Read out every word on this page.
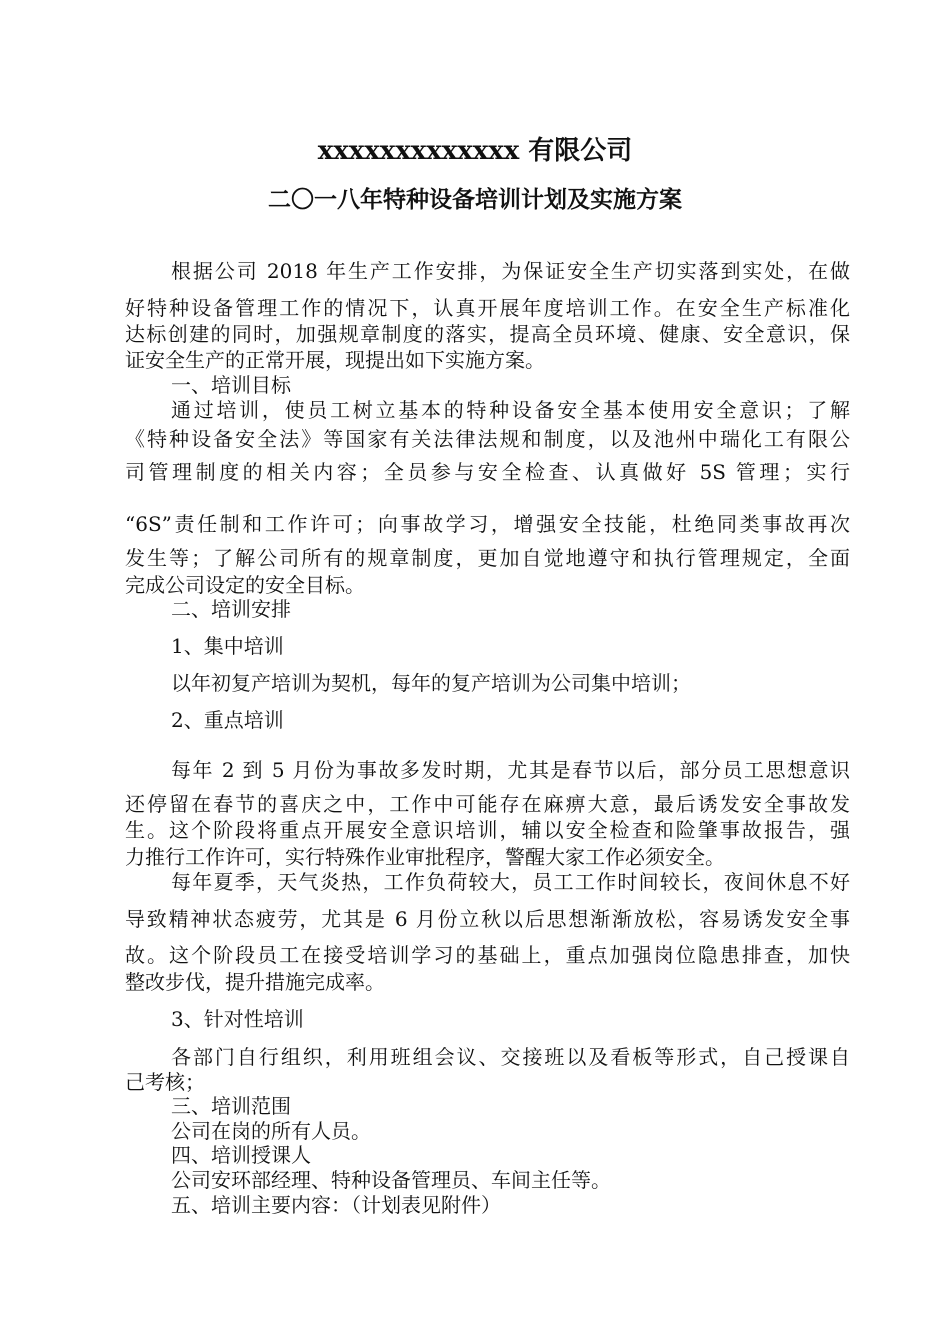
xxxxxxxxxxxxx 有限公司
二〇一八年特种设备培训计划及实施方案

根据公司 2018 年生产工作安排，为保证安全生产切实落到实处，在做

好特种设备管理工作的情况下，认真开展年度培训工作。在安全生产标准化

达标创建的同时，加强规章制度的落实，提高全员环境、健康、安全意识，保

证安全生产的正常开展，现提出如下实施方案。

一、培训目标

通过培训，使员工树立基本的特种设备安全基本使用安全意识；了解

《特种设备安全法》等国家有关法律法规和制度，以及池州中瑞化工有限公

司管理制度的相关内容；全员参与安全检查、认真做好 5S 管理；实行

“6S”责任制和工作许可；向事故学习，增强安全技能，杜绝同类事故再次

发生等；了解公司所有的规章制度，更加自觉地遵守和执行管理规定，全面

完成公司设定的安全目标。

二、培训安排

1、集中培训

以年初复产培训为契机，每年的复产培训为公司集中培训；

2、重点培训

每年 2 到 5 月份为事故多发时期，尤其是春节以后，部分员工思想意识

还停留在春节的喜庆之中，工作中可能存在麻痹大意，最后诱发安全事故发

生。这个阶段将重点开展安全意识培训，辅以安全检查和险肇事故报告，强

力推行工作许可，实行特殊作业审批程序，警醒大家工作必须安全。

每年夏季，天气炎热，工作负荷较大，员工工作时间较长，夜间休息不好

导致精神状态疲劳，尤其是 6 月份立秋以后思想渐渐放松，容易诱发安全事

故。这个阶段员工在接受培训学习的基础上，重点加强岗位隐患排查，加快

整改步伐，提升措施完成率。

3、针对性培训

各部门自行组织，利用班组会议、交接班以及看板等形式，自己授课自

己考核；

三、培训范围

公司在岗的所有人员。

四、培训授课人

公司安环部经理、特种设备管理员、车间主任等。

五、培训主要内容：（计划表见附件）
